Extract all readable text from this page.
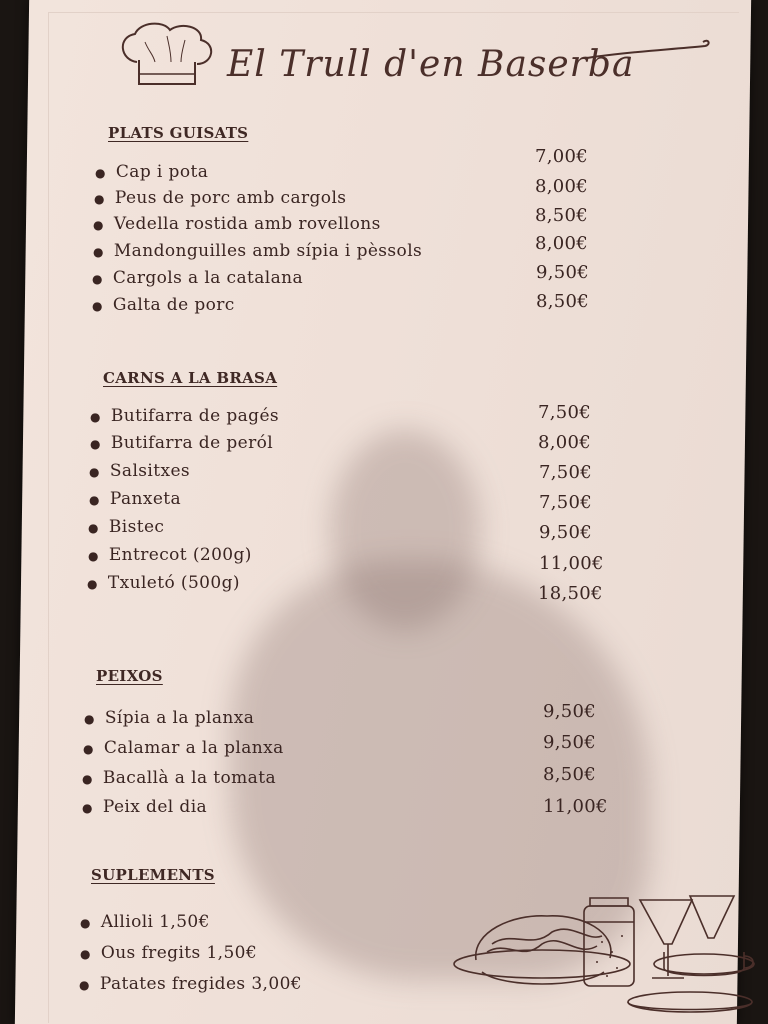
El Trull d'en Baserba
PLATS GUISATS
● Cap i pota
● Peus de porc amb cargols
● Vedella rostida amb rovellons
● Mandonguilles amb sípia i pèssols
● Cargols a la catalana
● Galta de porc
7,00€
8,00€
8,50€
8,00€
9,50€
8,50€
CARNS A LA BRASA
● Butifarra de pagés
● Butifarra de peról
● Salsitxes
● Panxeta
● Bistec
● Entrecot (200g)
● Txuletó (500g)
7,50€
8,00€
7,50€
7,50€
9,50€
11,00€
18,50€
PEIXOS
● Sípia a la planxa
● Calamar a la planxa
● Bacallà a la tomata
● Peix del dia
9,50€
9,50€
8,50€
11,00€
SUPLEMENTS
● Allioli 1,50€
● Ous fregits 1,50€
● Patates fregides 3,00€
